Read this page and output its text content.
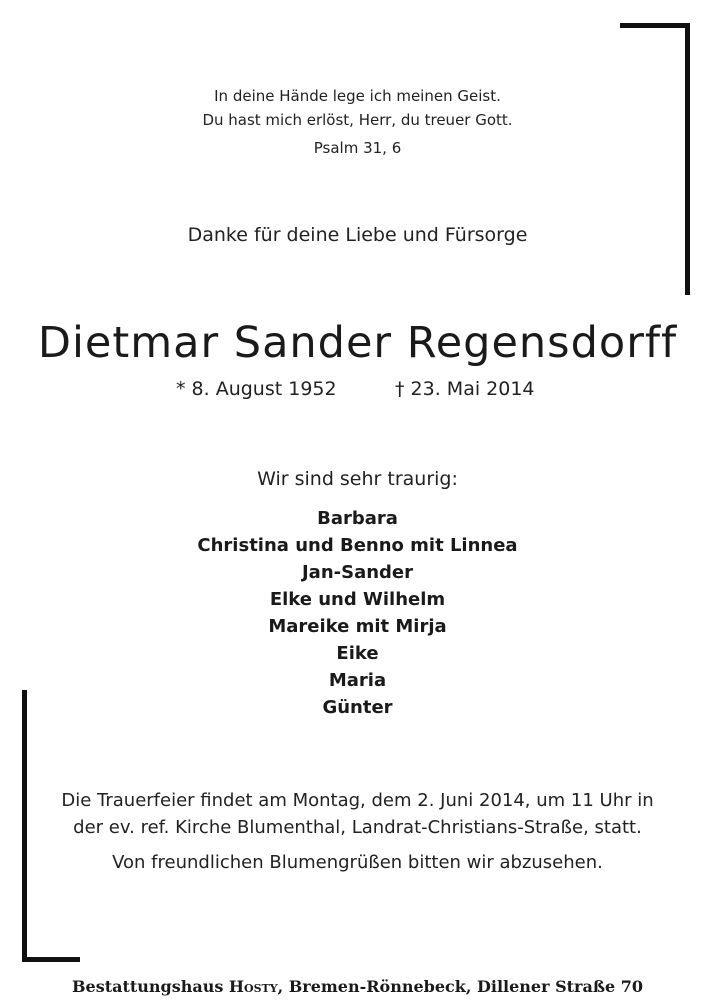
In deine Hände lege ich meinen Geist.
Du hast mich erlöst, Herr, du treuer Gott.
Psalm 31, 6
Danke für deine Liebe und Fürsorge
Dietmar Sander Regensdorff
* 8. August 1952	† 23. Mai 2014
Wir sind sehr traurig:
Barbara
Christina und Benno mit Linnea
Jan-Sander
Elke und Wilhelm
Mareike mit Mirja
Eike
Maria
Günter
Die Trauerfeier findet am Montag, dem 2. Juni 2014, um 11 Uhr in
der ev. ref. Kirche Blumenthal, Landrat-Christians-Straße, statt.
Von freundlichen Blumengrüßen bitten wir abzusehen.
Bestattungshaus Hosty, Bremen-Rönnebeck, Dillener Straße 70
